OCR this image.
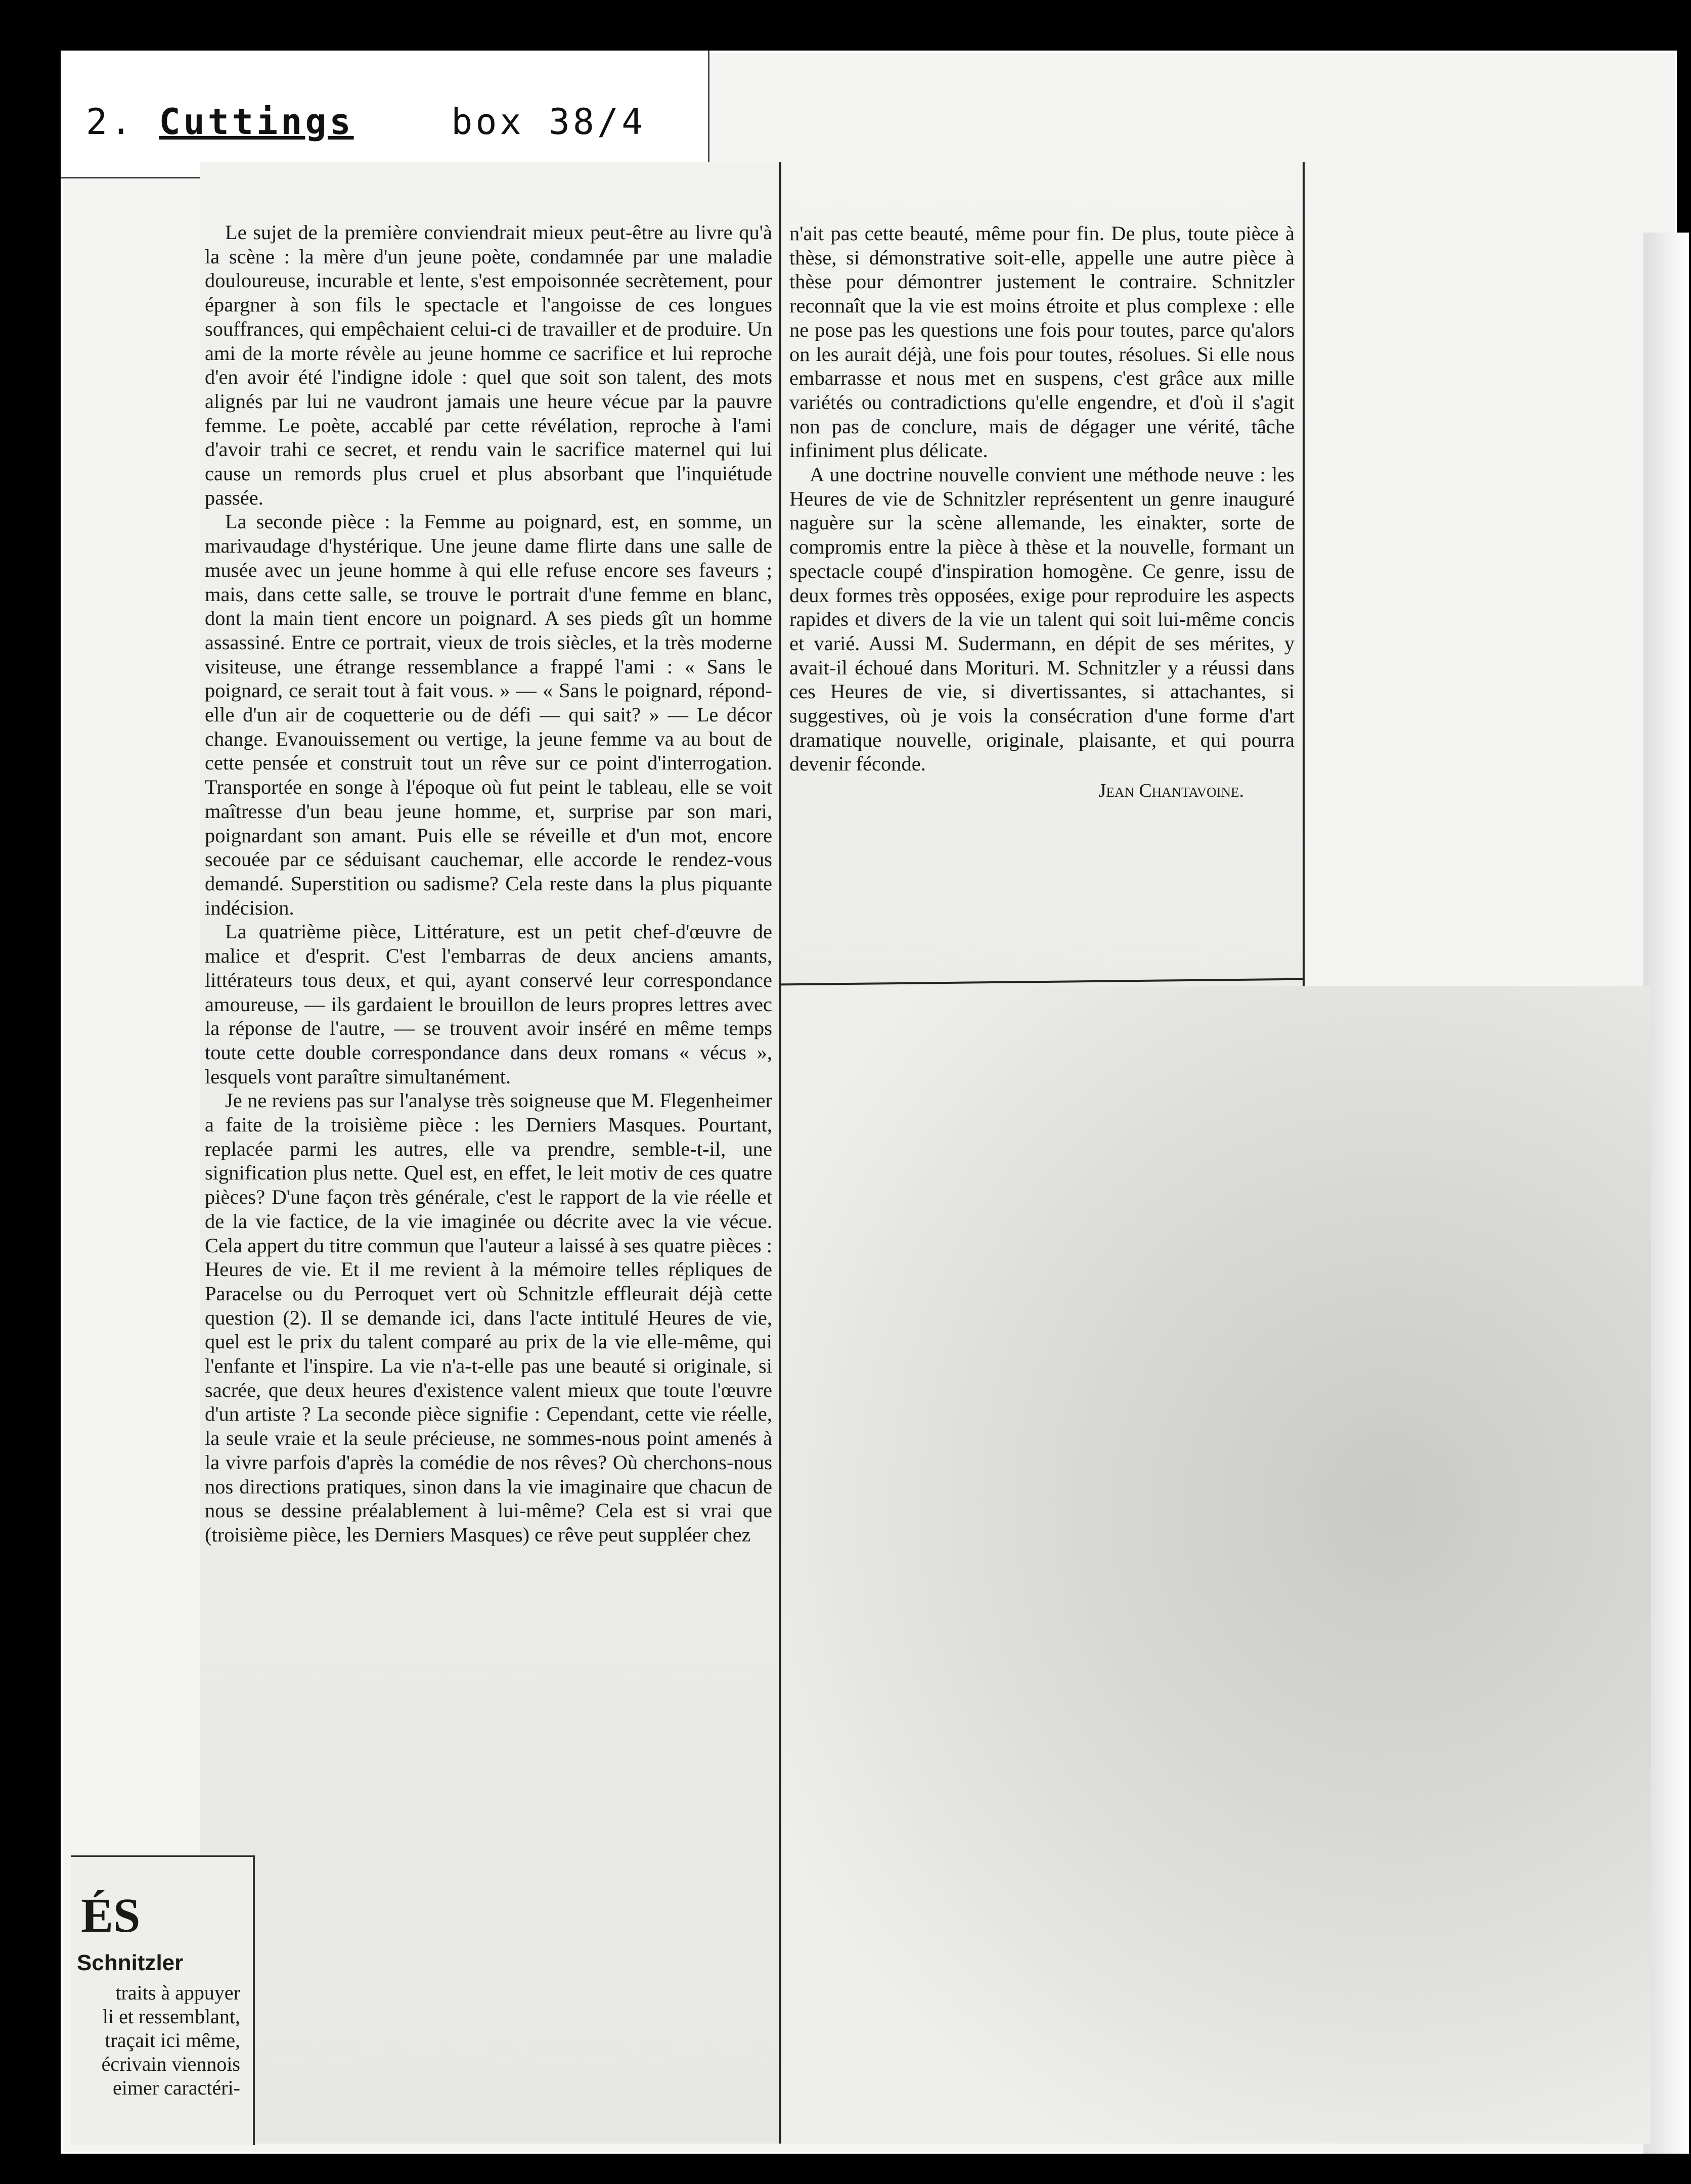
2. Cuttings	box 38/4

Le sujet de la première conviendrait mieux peut-être au livre qu'à la scène : la mère d'un jeune poète, condamnée par une maladie douloureuse, incurable et lente, s'est empoisonnée secrètement, pour épargner à son fils le spectacle et l'angoisse de ces longues souffrances, qui empêchaient celui-ci de travailler et de produire. Un ami de la morte révèle au jeune homme ce sacrifice et lui reproche d'en avoir été l'indigne idole : quel que soit son talent, des mots alignés par lui ne vaudront jamais une heure vécue par la pauvre femme. Le poète, accablé par cette révélation, reproche à l'ami d'avoir trahi ce secret, et rendu vain le sacrifice maternel qui lui cause un remords plus cruel et plus absorbant que l'inquiétude passée.

La seconde pièce : la Femme au poignard, est, en somme, un marivaudage d'hystérique. Une jeune dame flirte dans une salle de musée avec un jeune homme à qui elle refuse encore ses faveurs ; mais, dans cette salle, se trouve le portrait d'une femme en blanc, dont la main tient encore un poignard. A ses pieds gît un homme assassiné. Entre ce portrait, vieux de trois siècles, et la très moderne visiteuse, une étrange ressemblance a frappé l'ami : « Sans le poignard, ce serait tout à fait vous. » — « Sans le poignard, répond-elle d'un air de coquetterie ou de défi — qui sait? » — Le décor change. Evanouissement ou vertige, la jeune femme va au bout de cette pensée et construit tout un rêve sur ce point d'interrogation. Transportée en songe à l'époque où fut peint le tableau, elle se voit maîtresse d'un beau jeune homme, et, surprise par son mari, poignardant son amant. Puis elle se réveille et d'un mot, encore secouée par ce séduisant cauchemar, elle accorde le rendez-vous demandé. Superstition ou sadisme? Cela reste dans la plus piquante indécision.

La quatrième pièce, Littérature, est un petit chef-d'œuvre de malice et d'esprit. C'est l'embarras de deux anciens amants, littérateurs tous deux, et qui, ayant conservé leur correspondance amoureuse, — ils gardaient le brouillon de leurs propres lettres avec la réponse de l'autre, — se trouvent avoir inséré en même temps toute cette double correspondance dans deux romans « vécus », lesquels vont paraître simultanément.

Je ne reviens pas sur l'analyse très soigneuse que M. Flegenheimer a faite de la troisième pièce : les Derniers Masques. Pourtant, replacée parmi les autres, elle va prendre, semble-t-il, une signification plus nette. Quel est, en effet, le leit motiv de ces quatre pièces? D'une façon très générale, c'est le rapport de la vie réelle et de la vie factice, de la vie imaginée ou décrite avec la vie vécue. Cela appert du titre commun que l'auteur a laissé à ses quatre pièces : Heures de vie. Et il me revient à la mémoire telles répliques de Paracelse ou du Perroquet vert où Schnitzle effleurait déjà cette question (2). Il se demande ici, dans l'acte intitulé Heures de vie, quel est le prix du talent comparé au prix de la vie elle-même, qui l'enfante et l'inspire. La vie n'a-t-elle pas une beauté si originale, si sacrée, que deux heures d'existence valent mieux que toute l'œuvre d'un artiste ? La seconde pièce signifie : Cependant, cette vie réelle, la seule vraie et la seule précieuse, ne sommes-nous point amenés à la vivre parfois d'après la comédie de nos rêves? Où cherchons-nous nos directions pratiques, sinon dans la vie imaginaire que chacun de nous se dessine préalablement à lui-même? Cela est si vrai que (troisième pièce, les Derniers Masques) ce rêve peut suppléer chez

n'ait pas cette beauté, même pour fin. De plus, toute pièce à thèse, si démonstrative soit-elle, appelle une autre pièce à thèse pour démontrer justement le contraire. Schnitzler reconnaît que la vie est moins étroite et plus complexe : elle ne pose pas les questions une fois pour toutes, parce qu'alors on les aurait déjà, une fois pour toutes, résolues. Si elle nous embarrasse et nous met en suspens, c'est grâce aux mille variétés ou contradictions qu'elle engendre, et d'où il s'agit non pas de conclure, mais de dégager une vérité, tâche infiniment plus délicate.

A une doctrine nouvelle convient une méthode neuve : les Heures de vie de Schnitzler représentent un genre inauguré naguère sur la scène allemande, les einakter, sorte de compromis entre la pièce à thèse et la nouvelle, formant un spectacle coupé d'inspiration homogène. Ce genre, issu de deux formes très opposées, exige pour reproduire les aspects rapides et divers de la vie un talent qui soit lui-même concis et varié. Aussi M. Sudermann, en dépit de ses mérites, y avait-il échoué dans Morituri. M. Schnitzler y a réussi dans ces Heures de vie, si divertissantes, si attachantes, si suggestives, où je vois la consécration d'une forme d'art dramatique nouvelle, originale, plaisante, et qui pourra devenir féconde.

Jean Chantavoine.
ÉS
Schnitzler
traits à appuyer
li et ressemblant,
traçait ici même,
écrivain viennois
eimer caractéri-
